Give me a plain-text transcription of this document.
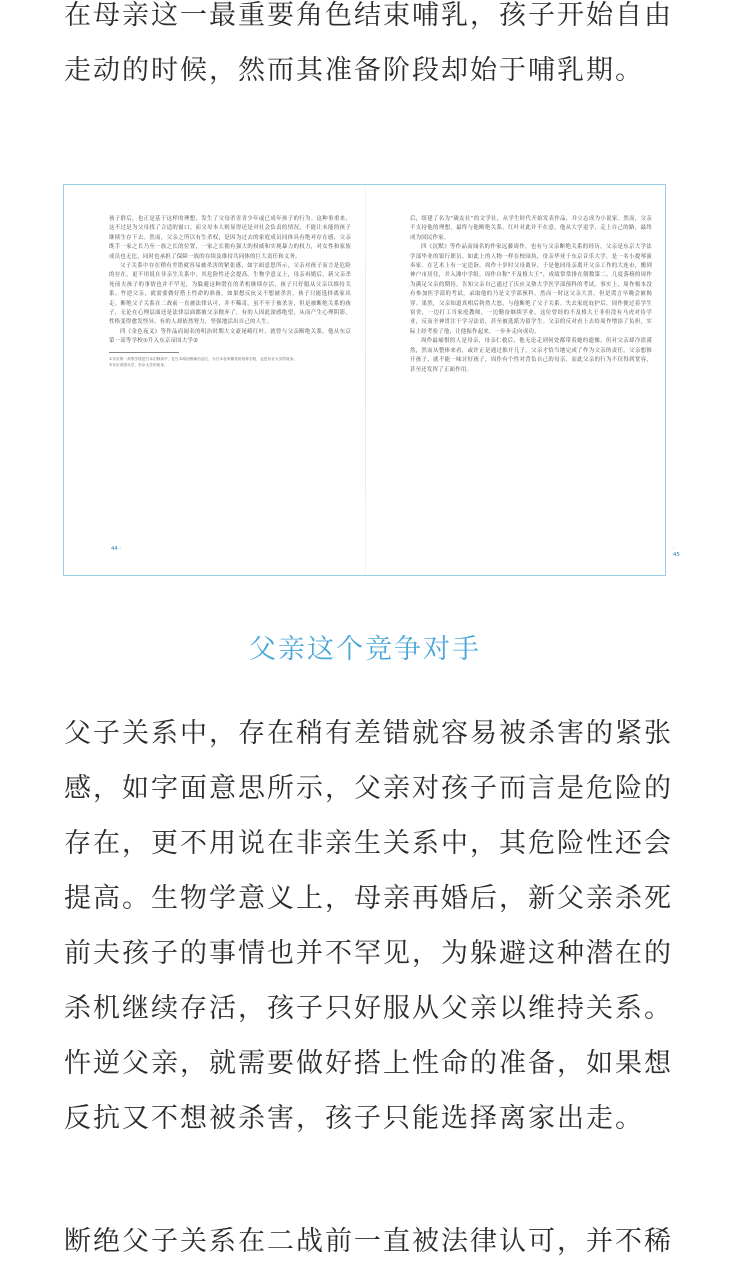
在母亲这一最重要角色结束哺乳，孩子开始自由走动的时候，然而其准备阶段却始于哺乳期。

孩子群后，也正是基于这样的理想，发生了父母杀害青少年或已成年孩子的行为。这种事重来，这不过是为父母找了合适的窗口。而父母本人则显得还是对社会负责的情况，不能让未能的孩子继续生存下去。然而，父亲之所以有生杀权，是因为过去的家庭成员同体具有绝对存在感，父亲既手一家之长乃至一族之长的位置，一家之长拥有强大的权威和实现暴力的权力，对女性和家族成员也无比，同时也承担了保障一族的存续及维持共同体的巨大责任和义务。

父子关系中存在稍有差错就容易被杀害的紧张感，如字面意思所示，父亲对孩子而言是危险的存在，更不用说在非亲生关系中，其危险性还会提高。生物学意义上，母亲再婚后，新父亲杀死前夫孩子的事情也并不罕见，为躲避这种潜在的杀机继续存活，孩子只好服从父亲以维持关系。忤逆父亲，就需要做好搭上性命的准备，如果想反抗又不想被杀害，孩子只能选择离家出走。断绝父子关系在二战前一直被法律认可，并不稀奇。虽不至于被杀害，但是被断绝关系的孩子，无论在心理层面还是法律层面都被父亲抛弃了，有的人因此深感绝望，从而产生心理阴影，性格变得愈发怪异，有的人却依然努力，坚强地活出自己的人生。

四《金色夜叉》等作品而闻名的明治时期大文豪尾崎红叶，就曾与父亲断绝关系。他从东京第一高等学校①升入东京帝国大学②

①东京第一高等学校是日本旧制高中，在日本明治维新后创立，为日本各家精英的培养学校，也是东京大学的前身。

②东京帝国大学，东京大学的前身。

后，组建了名为“砚友社”的文学社，从学生时代开始发表作品，并立志成为小说家。然而，父亲不支持他的理想，最终与他断绝关系。红叶对此并不在意，他从大学退学，走上自己的路，最终成为国民作家。

四《沉默》等作品而闻名的作家远藤周作，也有与父亲断绝关系的经历。父亲是东京大学法学部毕业的银行职员。如此上的人物一样在校园执，母亲毕业于东京音乐大学，是一名小提琴演奏家。在艺术上有一定造诣。周作十岁时父母离异，于是他同母亲离开父亲工作的大连市，搬到神户市居住，并入滩中学组。周作自称“不及格大王”，成绩常常排在倒数第二。几度落榜的周作为满足父亲的期待，告知父亲自己通过了庆应义塾大学医学部预科的考试。事实上，周作根本没有参加医学部的考试，录取他的乃是文学部预科，然而一时这父亲大喜，但是谎言早晚会被揭穿。果然，父亲知道真相后勃然大怒，与他断绝了父子关系。失去家庭庇护后，周作便过着学生宿舍，一边打工当家庭教师，一边勤奋继续学业，这位曾经的不及格大王非但没有马虎对待学业，反而全神贯注于学习法语，甚至被选派为留学生。父亲的反对看上去给周作增添了负担，实际上经考验了他，让他振作起来，一步步走向成功。

周作最痛恨的人是母亲，母亲仁救后，他无论走到何处都带着她的遗像，但对父亲却冷淡漠然，然而从整体来看，或许正是通过推开儿子，父亲才恰当地完成了作为父亲的责任。父亲想推开孩子，就不能一味讨好孩子，周作有个性对背负自己的母亲，而此父亲的行为不仅得到宽容，甚至还发挥了正面作用。

44 ·	· 45
父亲这个竞争对手

父子关系中，存在稍有差错就容易被杀害的紧张感，如字面意思所示，父亲对孩子而言是危险的存在，更不用说在非亲生关系中，其危险性还会提高。生物学意义上，母亲再婚后，新父亲杀死前夫孩子的事情也并不罕见，为躲避这种潜在的杀机继续存活，孩子只好服从父亲以维持关系。忤逆父亲，就需要做好搭上性命的准备，如果想反抗又不想被杀害，孩子只能选择离家出走。

断绝父子关系在二战前一直被法律认可，并不稀
